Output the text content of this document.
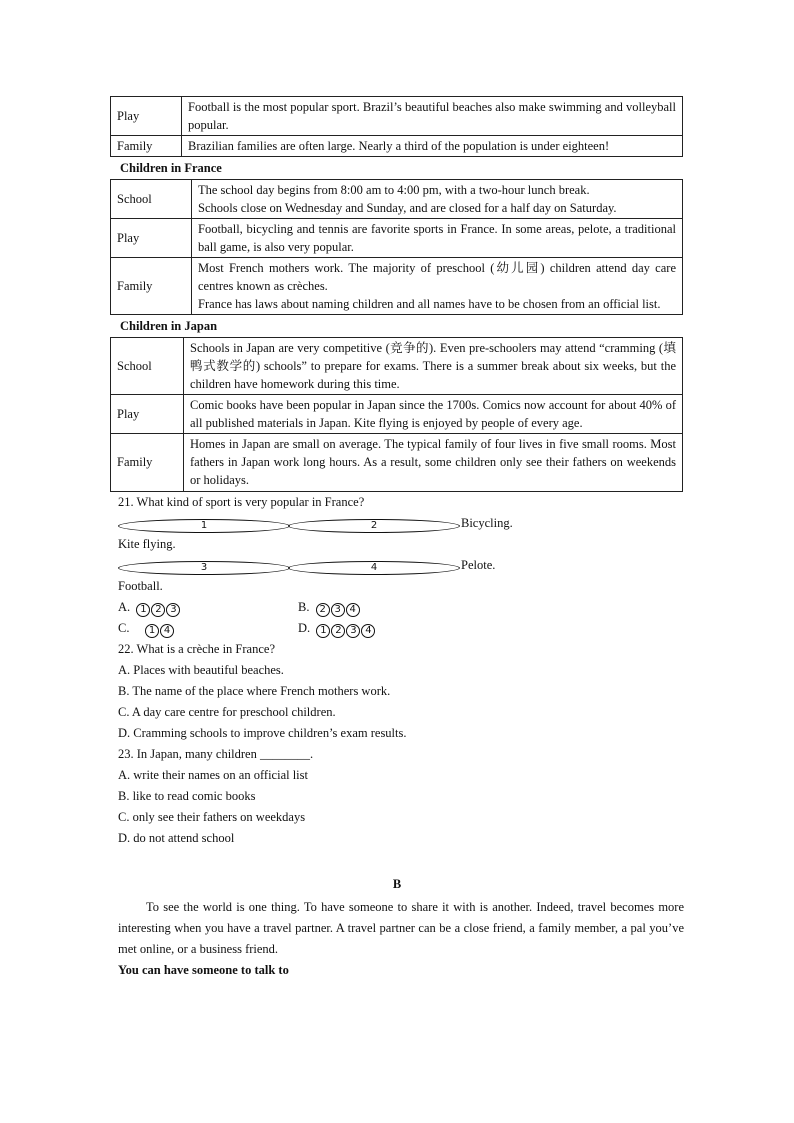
Play	Football is the most popular sport. Brazil’s beautiful beaches also make swimming and volleyball popular.

Family	Brazilian families are often large. Nearly a third of the population is under eighteen!

Children in France
School	The school day begins from 8:00 am to 4:00 pm, with a two-hour lunch break.

Schools close on Wednesday and Sunday, and are closed for a half day on Saturday.

Play	Football, bicycling and tennis are favorite sports in France. In some areas, pelote, a traditional ball game, is also very popular.

Family	Most French mothers work. The majority of preschool (幼儿园) children attend day care centres known as crèches.

France has laws about naming children and all names have to be chosen from an official list.

Children in Japan
School	Schools in Japan are very competitive (竞争的). Even pre-schoolers may attend “cramming (填鸭式教学的) schools” to prepare for exams. There is a summer break about six weeks, but the children have homework during this time.

Play	Comic books have been popular in Japan since the 1700s. Comics now account for about 40% of all published materials in Japan. Kite flying is enjoyed by people of every age.

Family	Homes in Japan are small on average. The typical family of four lives in five small rooms. Most fathers in Japan work long hours. As a result, some children only see their fathers on weekends or holidays.

21. What kind of sport is very popular in France?

1Kite flying.
2	Bicycling.

3Football.
4	Pelote.

A. 1 2 3	B. 2 3 4

C. 1 4	D. 1 2 3 4

22. What is a crèche in France?

A. Places with beautiful beaches.

B. The name of the place where French mothers work.

C. A day care centre for preschool children.

D. Cramming schools to improve children’s exam results.

23. In Japan, many children ________.

A. write their names on an official list

B. like to read comic books

C. only see their fathers on weekdays

D. do not attend school

B

To see the world is one thing. To have someone to share it with is another. Indeed, travel becomes more interesting when you have a travel partner. A travel partner can be a close friend, a family member, a pal you’ve met online, or a business friend.

You can have someone to talk to
